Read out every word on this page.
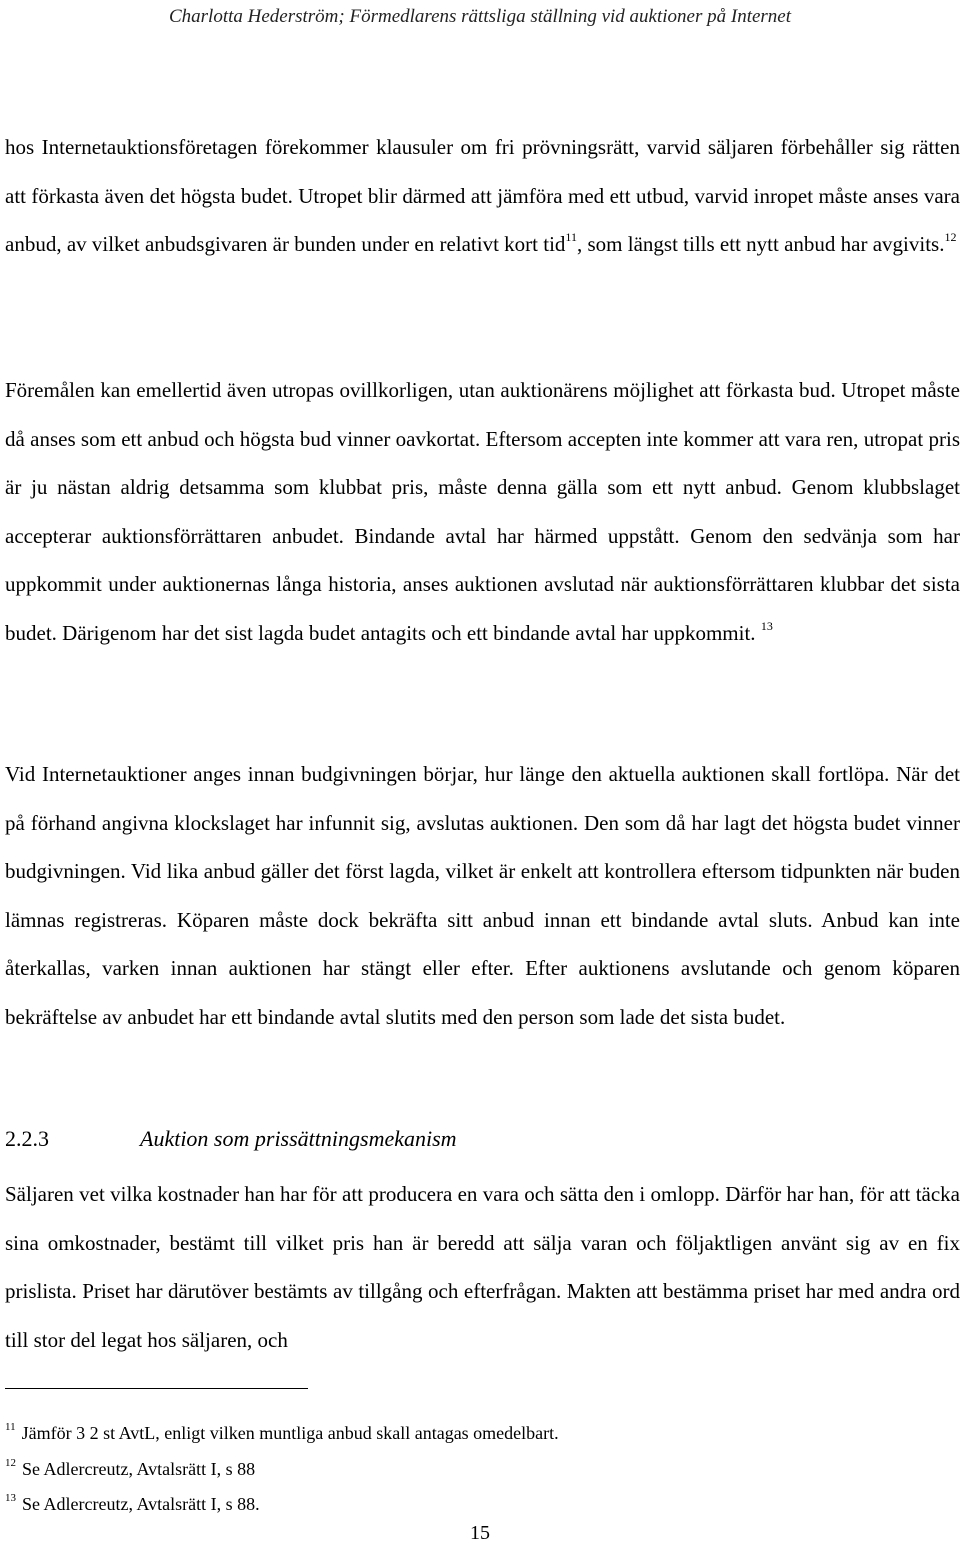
Charlotta Hederström; Förmedlarens rättsliga ställning vid auktioner på Internet

hos Internetauktionsföretagen förekommer klausuler om fri prövningsrätt, varvid säljaren förbehåller sig rätten att förkasta även det högsta budet. Utropet blir därmed att jämföra med ett utbud, varvid inropet måste anses vara anbud, av vilket anbudsgivaren är bunden under en relativt kort tid$^{11}$, som längst tills ett nytt anbud har avgivits.$^{12}$

Föremålen kan emellertid även utropas ovillkorligen, utan auktionärens möjlighet att förkasta bud. Utropet måste då anses som ett anbud och högsta bud vinner oavkortat. Eftersom accepten inte kommer att vara ren, utropat pris är ju nästan aldrig detsamma som klubbat pris, måste denna gälla som ett nytt anbud. Genom klubbslaget accepterar auktionsförrättaren anbudet. Bindande avtal har härmed uppstått. Genom den sedvänja som har uppkommit under auktionernas långa historia, anses auktionen avslutad när auktionsförrättaren klubbar det sista budet. Därigenom har det sist lagda budet antagits och ett bindande avtal har uppkommit. $^{13}$

Vid Internetauktioner anges innan budgivningen börjar, hur länge den aktuella auktionen skall fortlöpa. När det på förhand angivna klockslaget har infunnit sig, avslutas auktionen. Den som då har lagt det högsta budet vinner budgivningen. Vid lika anbud gäller det först lagda, vilket är enkelt att kontrollera eftersom tidpunkten när buden lämnas registreras. Köparen måste dock bekräfta sitt anbud innan ett bindande avtal sluts. Anbud kan inte återkallas, varken innan auktionen har stängt eller efter. Efter auktionens avslutande och genom köparen bekräftelse av anbudet har ett bindande avtal slutits med den person som lade det sista budet.

2.2.3	Auktion som prissättningsmekanism

Säljaren vet vilka kostnader han har för att producera en vara och sätta den i omlopp. Därför har han, för att täcka sina omkostnader, bestämt till vilket pris han är beredd att sälja varan och följaktligen använt sig av en fix prislista. Priset har därutöver bestämts av tillgång och efterfrågan. Makten att bestämma priset har med andra ord till stor del legat hos säljaren, och

$^{11}$ Jämför 3 2 st AvtL, enligt vilken muntliga anbud skall antagas omedelbart.
$^{12}$ Se Adlercreutz, Avtalsrätt I, s 88
$^{13}$ Se Adlercreutz, Avtalsrätt I, s 88.
15
